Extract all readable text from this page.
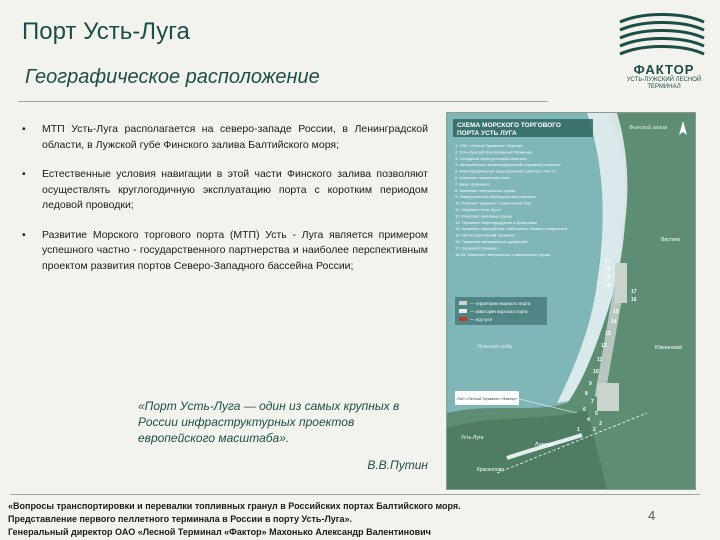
Порт Усть-Луга
ФАКТОР
УСТЬ-ЛУЖСКИЙ ЛЕСНОЙ ТЕРМИНАЛ
Географическое расположение
• МТП Усть-Луга располагается на северо-западе России, в Ленинградской области, в Лужской губе Финского залива Балтийского моря;
• Естественные условия навигации в этой части Финского залива позволяют осуществлять круглогодичную эксплуатацию порта с коротким периодом ледовой проводки;
• Развитие Морского торгового порта (МТП) Усть - Луга является примером успешного частно - государственного партнерства и наиболее перспективным проектом развития портов Северо-Западного бассейна России;
«Порт Усть-Луга — один из самых крупных в России инфраструктурных проектов европейского масштаба».
В.В.Путин
СХЕМА МОРСКОГО ТОРГОВОГО
ПОРТА УСТЬ ЛУГА
Финский залив
1. ОАС «Лесной Терминал «Фактор»
2. Усть-Лужский Контейнерный Терминал
3. Складской перегрузочный комплекс
4. Автомобильно-железнодорожный паромный комплекс
5. Многопрофильный перегрузочный комплекс «Юг-2»
6. Комплекс сжиженного газа
7. База терминала
8. Комплекс генеральных грузов
9. Универсальный перегрузочный комплекс
10. Рыбный терминал / технический порт
11. Морбаза «Усть-Луга»
12. Комплекс наливных грузов
13. Терминал нефтепродуктов и бункеровки
14. Комплекс переработки стабильного газового конденсата
15. Металлургический терминал
16. Терминал минеральных удобрений
17. Зерновой терминал
18-23. Комплекс генеральных и навалочных грузов
— территория морского порта
— акватория морского порта
— ж/д пути
Лужская губа
Вистино
Южнинский
Усть-Луга
Лужицы
Красколово
ОАС «Лесной Терминал «Фактор»
21
20
19
18
17
16
15
14
13
12
11
10
9
8
7
6
5
4
3
2
1
«Вопросы транспортировки и перевалки топливных гранул в Российских портах Балтийского моря.
Представление первого пеллетного терминала в России в порту Усть-Луга».
Генеральный директор ОАО «Лесной Терминал «Фактор» Махонько Александр Валентинович
4
